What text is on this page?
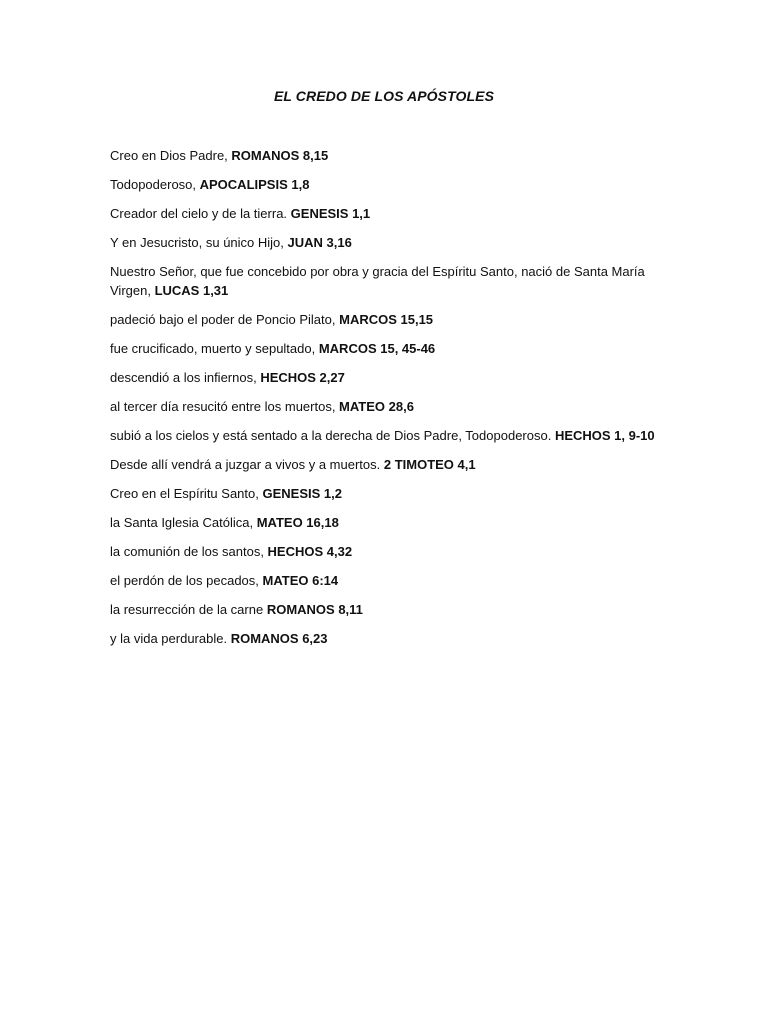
EL CREDO DE LOS APÓSTOLES
Creo en Dios Padre, ROMANOS 8,15
Todopoderoso, APOCALIPSIS 1,8
Creador del cielo y de la tierra. GENESIS 1,1
Y en Jesucristo, su único Hijo, JUAN 3,16
Nuestro Señor, que fue concebido por obra y gracia del Espíritu Santo, nació de Santa María Virgen, LUCAS 1,31
padeció bajo el poder de Poncio Pilato, MARCOS 15,15
fue crucificado, muerto y sepultado, MARCOS 15, 45-46
descendió a los infiernos, HECHOS 2,27
al tercer día resucitó entre los muertos, MATEO 28,6
subió a los cielos y está sentado a la derecha de Dios Padre, Todopoderoso. HECHOS 1, 9-10
Desde allí vendrá a juzgar a vivos y a muertos. 2 TIMOTEO 4,1
Creo en el Espíritu Santo, GENESIS 1,2
la Santa Iglesia Católica, MATEO 16,18
la comunión de los santos, HECHOS 4,32
el perdón de los pecados, MATEO 6:14
la resurrección de la carne ROMANOS 8,11
y la vida perdurable. ROMANOS 6,23
